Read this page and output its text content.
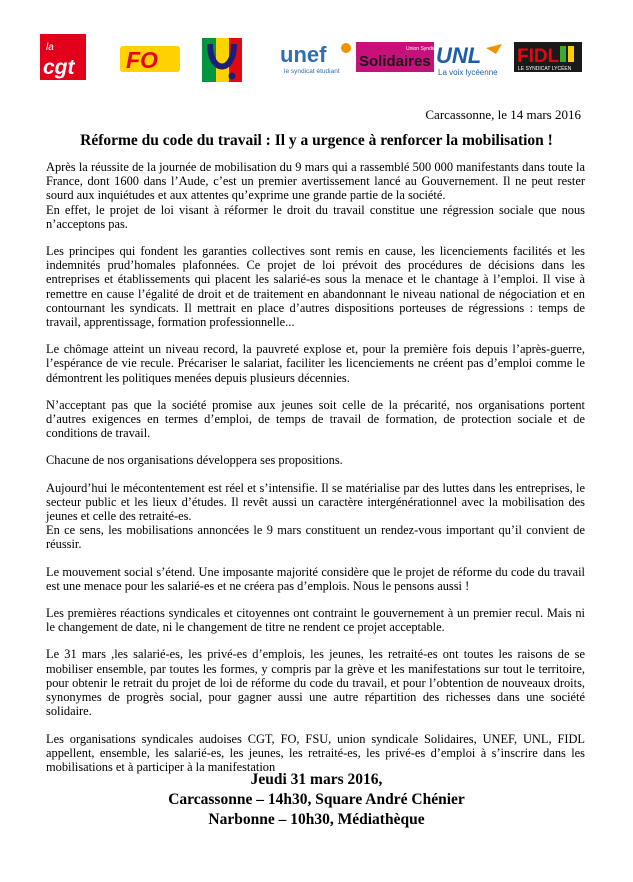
la
cgt FO	unef
le syndicat étudiant
Union Syndicale
Solidaires UNL
La voix lycéenne
FIDL
LE SYNDICAT LYCÉEN
Carcassonne, le 14 mars 2016
Réforme du code du travail : Il y a urgence à renforcer la mobilisation !

Après la réussite de la journée de mobilisation du 9 mars qui a rassemblé 500 000 manifestants dans toute la France, dont 1600 dans l’Aude, c’est un premier avertissement lancé au Gouvernement. Il ne peut rester sourd aux inquiétudes et aux attentes qu’exprime une grande partie de la société.

En effet, le projet de loi visant à réformer le droit du travail constitue une régression sociale que nous n’acceptons pas.

Les principes qui fondent les garanties collectives sont remis en cause, les licenciements facilités et les indemnités prud’homales plafonnées. Ce projet de loi prévoit des procédures de décisions dans les entreprises et établissements qui placent les salarié-es sous la menace et le chantage à l’emploi. Il vise à remettre en cause l’égalité de droit et de traitement en abandonnant le niveau national de négociation et en contournant les syndicats. Il mettrait en place d’autres dispositions porteuses de régressions : temps de travail, apprentissage, formation professionnelle...

Le chômage atteint un niveau record, la pauvreté explose et, pour la première fois depuis l’après-guerre, l’espérance de vie recule. Précariser le salariat, faciliter les licenciements ne créent pas d’emploi comme le démontrent les politiques menées depuis plusieurs décennies.

N’acceptant pas que la société promise aux jeunes soit celle de la précarité, nos organisations portent d’autres exigences en termes d’emploi, de temps de travail de formation, de protection sociale et de conditions de travail.

Chacune de nos organisations développera ses propositions.

Aujourd’hui le mécontentement est réel et s’intensifie. Il se matérialise par des luttes dans les entreprises, le secteur public et les lieux d’études. Il revêt aussi un caractère intergénérationnel avec la mobilisation des jeunes et celle des retraité-es.

En ce sens, les mobilisations annoncées le 9 mars constituent un rendez-vous important qu’il convient de réussir.

Le mouvement social s’étend. Une imposante majorité considère que le projet de réforme du code du travail est une menace pour les salarié-es et ne créera pas d’emplois. Nous le pensons aussi !

Les premières réactions syndicales et citoyennes ont contraint le gouvernement à un premier recul. Mais ni le changement de date, ni le changement de titre ne rendent ce projet acceptable.

Le 31 mars ,les salarié-es, les privé-es d’emplois, les jeunes, les retraité-es ont toutes les raisons de se mobiliser ensemble, par toutes les formes, y compris par la grève et les manifestations sur tout le territoire, pour obtenir le retrait du projet de loi de réforme du code du travail, et pour l’obtention de nouveaux droits, synonymes de progrès social, pour gagner aussi une autre répartition des richesses dans une société solidaire.

Les organisations syndicales audoises CGT, FO, FSU, union syndicale Solidaires, UNEF, UNL, FIDL appellent, ensemble, les salarié-es, les jeunes, les retraité-es, les privé-es d’emploi à s’inscrire dans les mobilisations et à participer à la manifestation

Jeudi 31 mars 2016,
Carcassonne – 14h30, Square André Chénier
Narbonne – 10h30, Médiathèque
